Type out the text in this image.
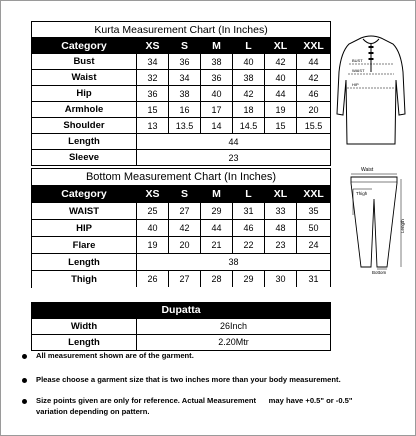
Kurta Measurement Chart (In Inches)						
Category	XS	S	M	L	XL	XXL
Bust	34	36	38	40	42	44
Waist	32	34	36	38	40	42
Hip	36	38	40	42	44	46
Armhole	15	16	17	18	19	20
Shoulder	13	13.5	14	14.5	15	15.5
Length	44					
Sleeve	23					
BUST
WAIST
HIP
Bottom Measurement Chart (In Inches)						
Category	XS	S	M	L	XL	XXL
WAIST	25	27	29	31	33	35
HIP	40	42	44	46	48	50
Flare	19	20	21	22	23	24
Length	38					
Thigh	26	27	28	29	30	31
Waist
Thigh
Length
Bottom

Dupatta	
Width	26Inch
Length	2.20Mtr
All measurement shown are of the garment.
Please choose a garment size that is two inches more than your body measurement.
Size points given are only for reference. Actual Measurement      may have +0.5" or -0.5" variation depending on pattern.
